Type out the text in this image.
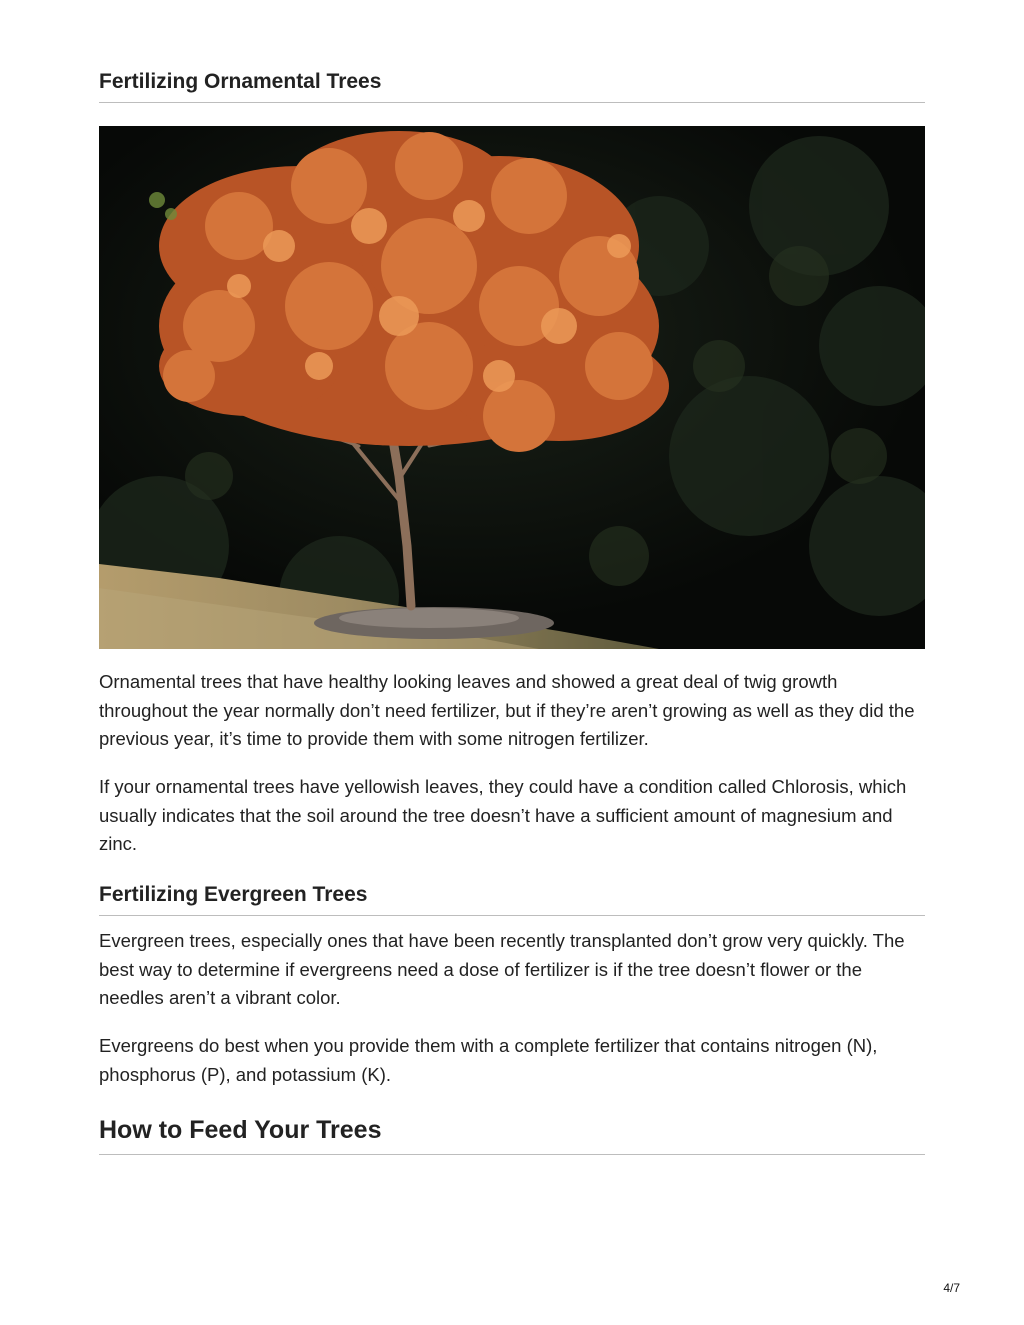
Fertilizing Ornamental Trees

Ornamental trees that have healthy looking leaves and showed a great deal of twig growth throughout the year normally don’t need fertilizer, but if they’re aren’t growing as well as they did the previous year, it’s time to provide them with some nitrogen fertilizer.

If your ornamental trees have yellowish leaves, they could have a condition called Chlorosis, which usually indicates that the soil around the tree doesn’t have a sufficient amount of magnesium and zinc.

Fertilizing Evergreen Trees

Evergreen trees, especially ones that have been recently transplanted don’t grow very quickly. The best way to determine if evergreens need a dose of fertilizer is if the tree doesn’t flower or the needles aren’t a vibrant color.

Evergreens do best when you provide them with a complete fertilizer that contains nitrogen (N), phosphorus (P), and potassium (K).

How to Feed Your Trees
4/7
